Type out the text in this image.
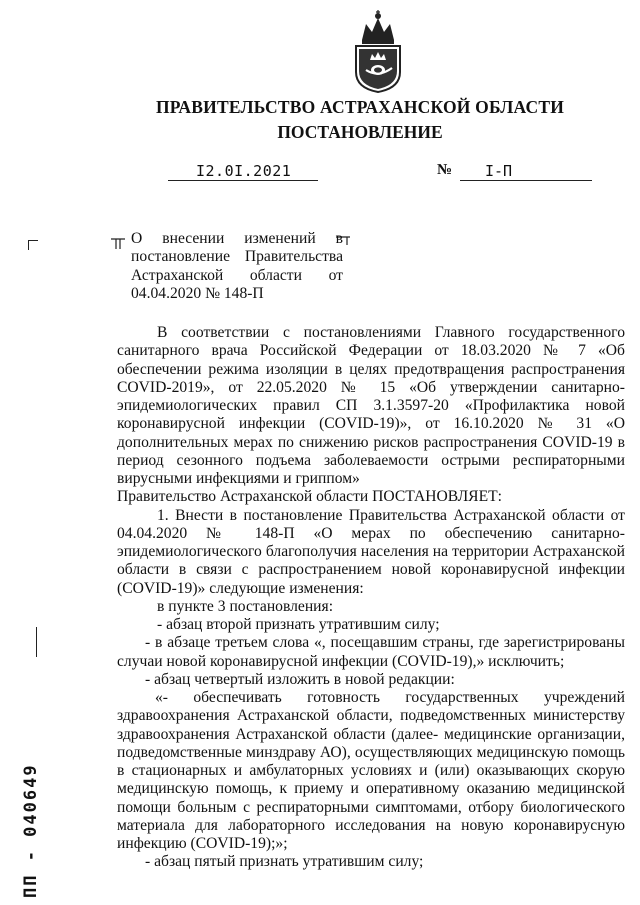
ПРАВИТЕЛЬСТВО АСТРАХАНСКОЙ ОБЛАСТИ
ПОСТАНОВЛЕНИЕ
I2.0I.2021	№ I-П
О внесении изменений в
постановление Правительства
Астраханской области от
04.04.2020 № 148-П

В соответствии с постановлениями Главного государственного санитарного врача Российской Федерации от 18.03.2020 № 7 «Об обеспечении режима изоляции в целях предотвращения распространения COVID-2019», от 22.05.2020 № 15 «Об утверждении санитарно-эпидемиологических правил СП 3.1.3597-20 «Профилактика новой коронавирусной инфекции (COVID-19)», от 16.10.2020 № 31 «О дополнительных мерах по снижению рисков распространения COVID-19 в период сезонного подъема заболеваемости острыми респираторными вирусными инфекциями и гриппом»

Правительство Астраханской области ПОСТАНОВЛЯЕТ:

1. Внести в постановление Правительства Астраханской области от 04.04.2020 № 148-П «О мерах по обеспечению санитарно-эпидемиологического благополучия населения на территории Астраханской области в связи с распространением новой коронавирусной инфекции (COVID-19)» следующие изменения:

в пункте 3 постановления:

- абзац второй признать утратившим силу;

- в абзаце третьем слова «, посещавшим страны, где зарегистрированы случаи новой коронавирусной инфекции (COVID-19),» исключить;

- абзац четвертый изложить в новой редакции:

«- обеспечивать готовность государственных учреждений здравоохранения Астраханской области, подведомственных министерству здравоохранения Астраханской области (далее- медицинские организации, подведомственные минздраву АО), осуществляющих медицинскую помощь в стационарных и амбулаторных условиях и (или) оказывающих скорую медицинскую помощь, к приему и оперативному оказанию медицинской помощи больным с респираторными симптомами, отбору биологического материала для лабораторного исследования на новую коронавирусную инфекцию (COVID-19);»;

- абзац пятый признать утратившим силу;

ПП - 040649
